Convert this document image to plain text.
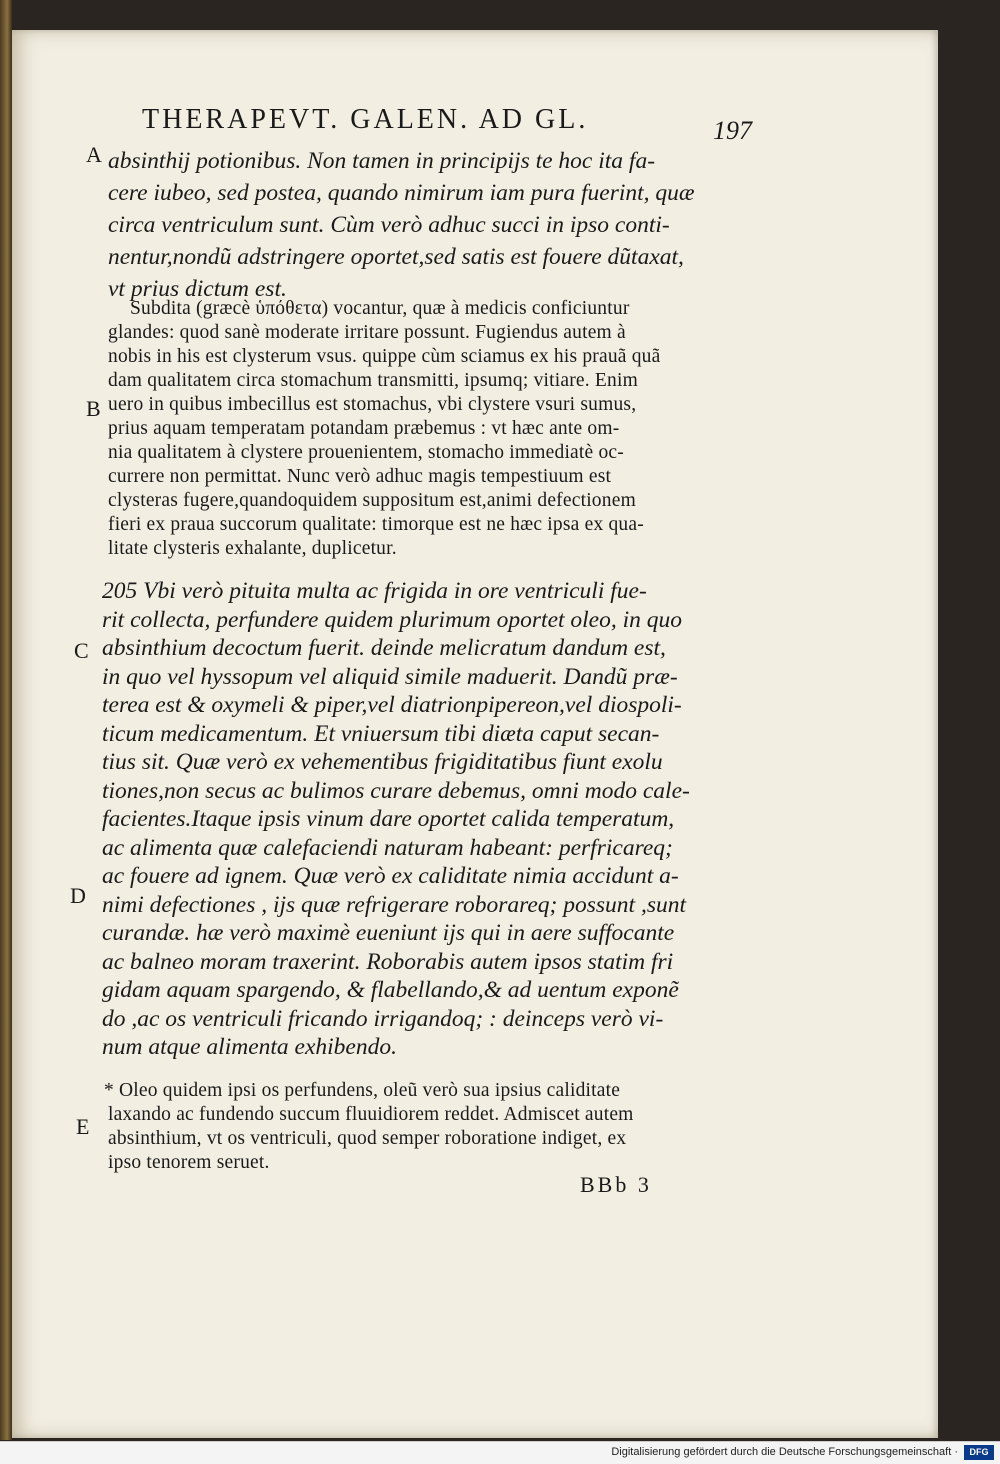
THERAPEVT. GALEN. AD GL.	197
A
B
C
D
E
absinthij potionibus. Non tamen in principijs te hoc ita fa-
cere iubeo, sed postea, quando nimirum iam pura fuerint, quæ
circa ventriculum sunt. Cùm verò adhuc succi in ipso conti-
nentur,nondũ adstringere oportet,sed satis est fouere dũtaxat,
vt prius dictum est.
Subdita (græcè ὑπόθετα) vocantur, quæ à medicis conficiuntur
glandes: quod sanè moderate irritare possunt. Fugiendus autem à
nobis in his est clysterum vsus. quippe cùm sciamus ex his prauã quã
dam qualitatem circa stomachum transmitti, ipsumq; vitiare. Enim
uero in quibus imbecillus est stomachus, vbi clystere vsuri sumus,
prius aquam temperatam potandam præbemus : vt hæc ante om-
nia qualitatem à clystere prouenientem, stomacho immediatè oc-
currere non permittat. Nunc verò adhuc magis tempestiuum est
clysteras fugere,quandoquidem suppositum est,animi defectionem
fieri ex praua succorum qualitate: timorque est ne hæc ipsa ex qua-
litate clysteris exhalante, duplicetur.
205 Vbi verò pituita multa ac frigida in ore ventriculi fue-
rit collecta, perfundere quidem plurimum oportet oleo, in quo
absinthium decoctum fuerit. deinde melicratum dandum est,
in quo vel hyssopum vel aliquid simile maduerit. Dandũ præ-
terea est & oxymeli & piper,vel diatrionpipereon,vel diospoli-
ticum medicamentum. Et vniuersum tibi diæta caput secan-
tius sit. Quæ verò ex vehementibus frigiditatibus fiunt exolu
tiones,non secus ac bulimos curare debemus, omni modo cale-
facientes.Itaque ipsis vinum dare oportet calida temperatum,
ac alimenta quæ calefaciendi naturam habeant: perfricareq;
ac fouere ad ignem. Quæ verò ex caliditate nimia accidunt a-
nimi defectiones , ijs quæ refrigerare roborareq; possunt ,sunt
curandæ. hæ verò maximè eueniunt ijs qui in aere suffocante
ac balneo moram traxerint. Roborabis autem ipsos statim fri
gidam aquam spargendo, & flabellando,& ad uentum exponẽ
do ,ac os ventriculi fricando irrigandoq; : deinceps verò vi-
num atque alimenta exhibendo.
* Oleo quidem ipsi os perfundens, oleũ verò sua ipsius caliditate
laxando ac fundendo succum fluuidiorem reddet. Admiscet autem
absinthium, vt os ventriculi, quod semper roboratione indiget, ex
ipso tenorem seruet.
BBb 3
Digitalisierung gefördert durch die Deutsche Forschungsgemeinschaft ·	DFG
